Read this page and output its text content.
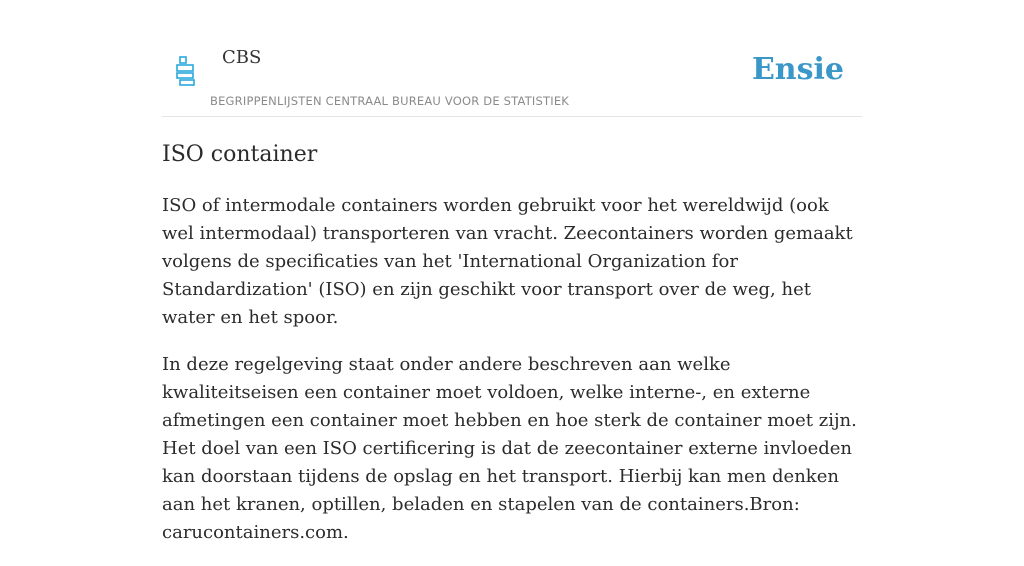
CBS
BEGRIPPENLIJSTEN CENTRAAL BUREAU VOOR DE STATISTIEK
Ensie
ISO container

ISO of intermodale containers worden gebruikt voor het wereldwijd (ook wel intermodaal) transporteren van vracht. Zeecontainers worden gemaakt volgens de specificaties van het 'International Organization for Standardization' (ISO) en zijn geschikt voor transport over de weg, het water en het spoor.

In deze regelgeving staat onder andere beschreven aan welke kwaliteitseisen een container moet voldoen, welke interne-, en externe afmetingen een container moet hebben en hoe sterk de container moet zijn. Het doel van een ISO certificering is dat de zeecontainer externe invloeden kan doorstaan tijdens de opslag en het transport. Hierbij kan men denken aan het kranen, optillen, beladen en stapelen van de containers.Bron: carucontainers.com.
